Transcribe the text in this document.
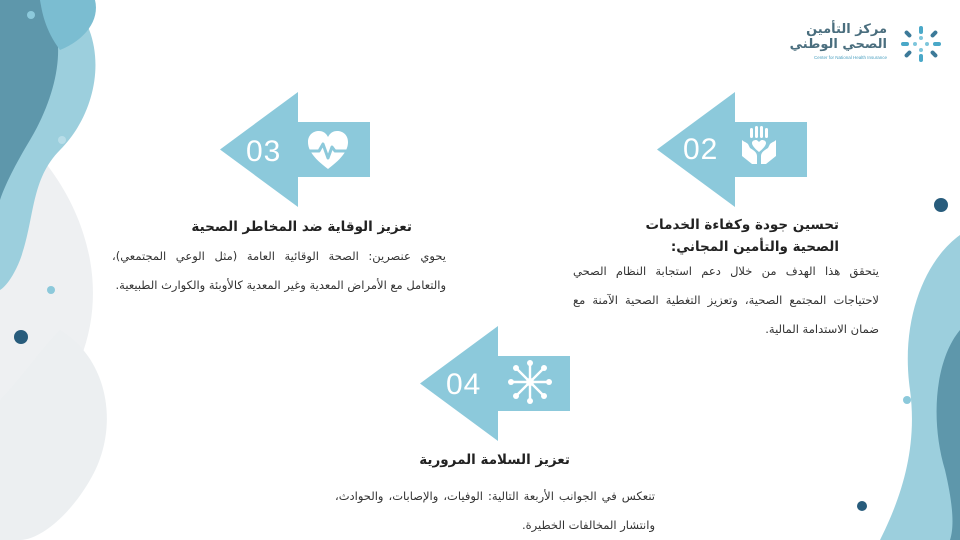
مركز التأمين
الصحي الوطني
Center for National Health Insurance
03
تعزيز الوقاية ضد المخاطر الصحية
يحوي عنصرين: الصحة الوقائية العامة (مثل الوعي المجتمعي)، والتعامل مع الأمراض المعدية وغير المعدية كالأوبئة والكوارث الطبيعية.
02
تحسين جودة وكفاءة الخدمات الصحية والتأمين المجاني:
يتحقق هذا الهدف من خلال دعم استجابة النظام الصحي لاحتياجات المجتمع الصحية، وتعزيز التغطية الصحية الآمنة مع ضمان الاستدامة المالية.
04
تعزيز السلامة المرورية
تنعكس في الجوانب الأربعة التالية: الوفيات، والإصابات، والحوادث، وانتشار المخالفات الخطيرة.
